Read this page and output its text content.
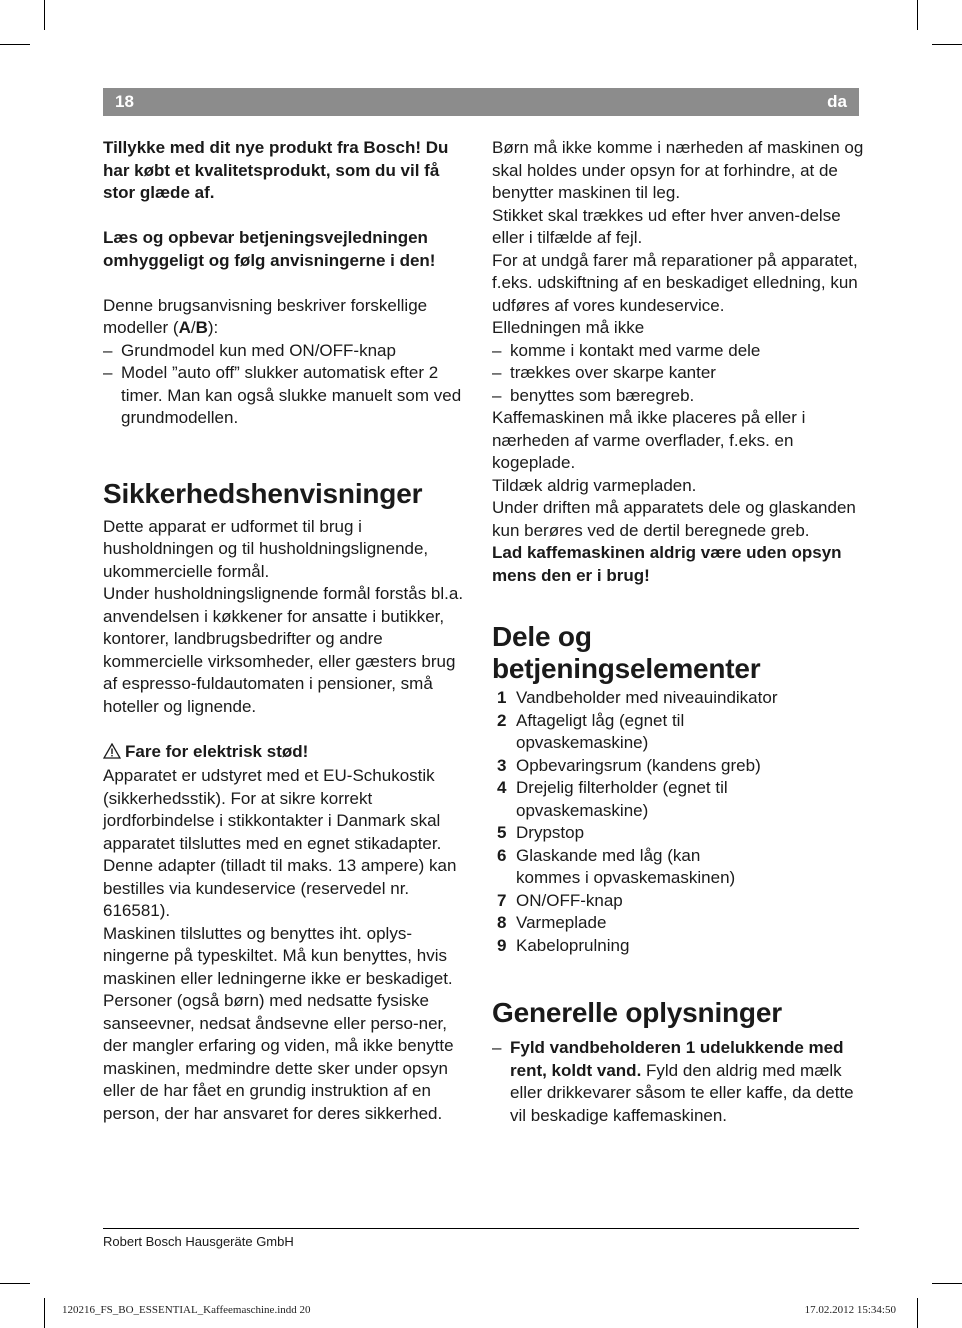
18	da

Tillykke med dit nye produkt fra Bosch! Du har købt et kvalitetsprodukt, som du vil få stor glæde af.

Læs og opbevar betjeningsvejledningen omhyggeligt og følg anvisningerne i den!

Denne brugsanvisning beskriver forskellige modeller (A/B):

– Grundmodel kun med ON/OFF-knap
– Model ”auto off” slukker automatisk efter 2 timer. Man kan også slukke manuelt som ved grundmodellen.
Sikkerhedshenvisninger

Dette apparat er udformet til brug i husholdningen og til husholdningslignende, ukommercielle formål.

Under husholdningslignende formål forstås bl.a. anvendelsen i køkkener for ansatte i butikker, kontorer, landbrugsbedrifter og andre kommercielle virksomheder, eller gæsters brug af espresso-fuldautomaten i pensioner, små hoteller og lignende.

Fare for elektrisk stød!

Apparatet er udstyret med et EU-Schukostik (sikkerhedsstik). For at sikre korrekt jordforbindelse i stikkontakter i Danmark skal apparatet tilsluttes med en egnet stikadapter. Denne adapter (tilladt til maks. 13 ampere) kan bestilles via kundeservice (reservedel nr. 616581).

Maskinen tilsluttes og benyttes iht. oplys-ningerne på typeskiltet. Må kun benyttes, hvis maskinen eller ledningerne ikke er beskadiget.

Personer (også børn) med nedsatte fysiske sanseevner, nedsat åndsevne eller perso-ner, der mangler erfaring og viden, må ikke benytte maskinen, medmindre dette sker under opsyn eller de har fået en grundig instruktion af en person, der har ansvaret for deres sikkerhed.

Børn må ikke komme i nærheden af maskinen og skal holdes under opsyn for at forhindre, at de benytter maskinen til leg.

Stikket skal trækkes ud efter hver anven-delse eller i tilfælde af fejl.

For at undgå farer må reparationer på apparatet, f.eks. udskiftning af en beskadiget elledning, kun udføres af vores kundeservice.

Elledningen må ikke

– komme i kontakt med varme dele
– trækkes over skarpe kanter
– benyttes som bæregreb.

Kaffemaskinen må ikke placeres på eller i nærheden af varme overflader, f.eks. en kogeplade.

Tildæk aldrig varmepladen.

Under driften må apparatets dele og glaskanden kun berøres ved de dertil beregnede greb.

Lad kaffemaskinen aldrig være uden opsyn mens den er i brug!

Dele og betjeningselementer
1 Vandbeholder med niveauindikator
2 Aftageligt låg (egnet til opvaskemaskine)
3 Opbevaringsrum (kandens greb)
4 Drejelig filterholder (egnet til opvaskemaskine)
5 Drypstop
6 Glaskande med låg (kan kommes i opvaskemaskinen)
7 ON/OFF-knap
8 Varmeplade
9 Kabeloprulning
Generelle oplysninger
– Fyld vandbeholderen 1 udelukkende med rent, koldt vand. Fyld den aldrig med mælk eller drikkevarer såsom te eller kaffe, da dette vil beskadige kaffemaskinen.
Robert Bosch Hausgeräte GmbH
120216_FS_BO_ESSENTIAL_Kaffeemaschine.indd 20	17.02.2012 15:34:50
